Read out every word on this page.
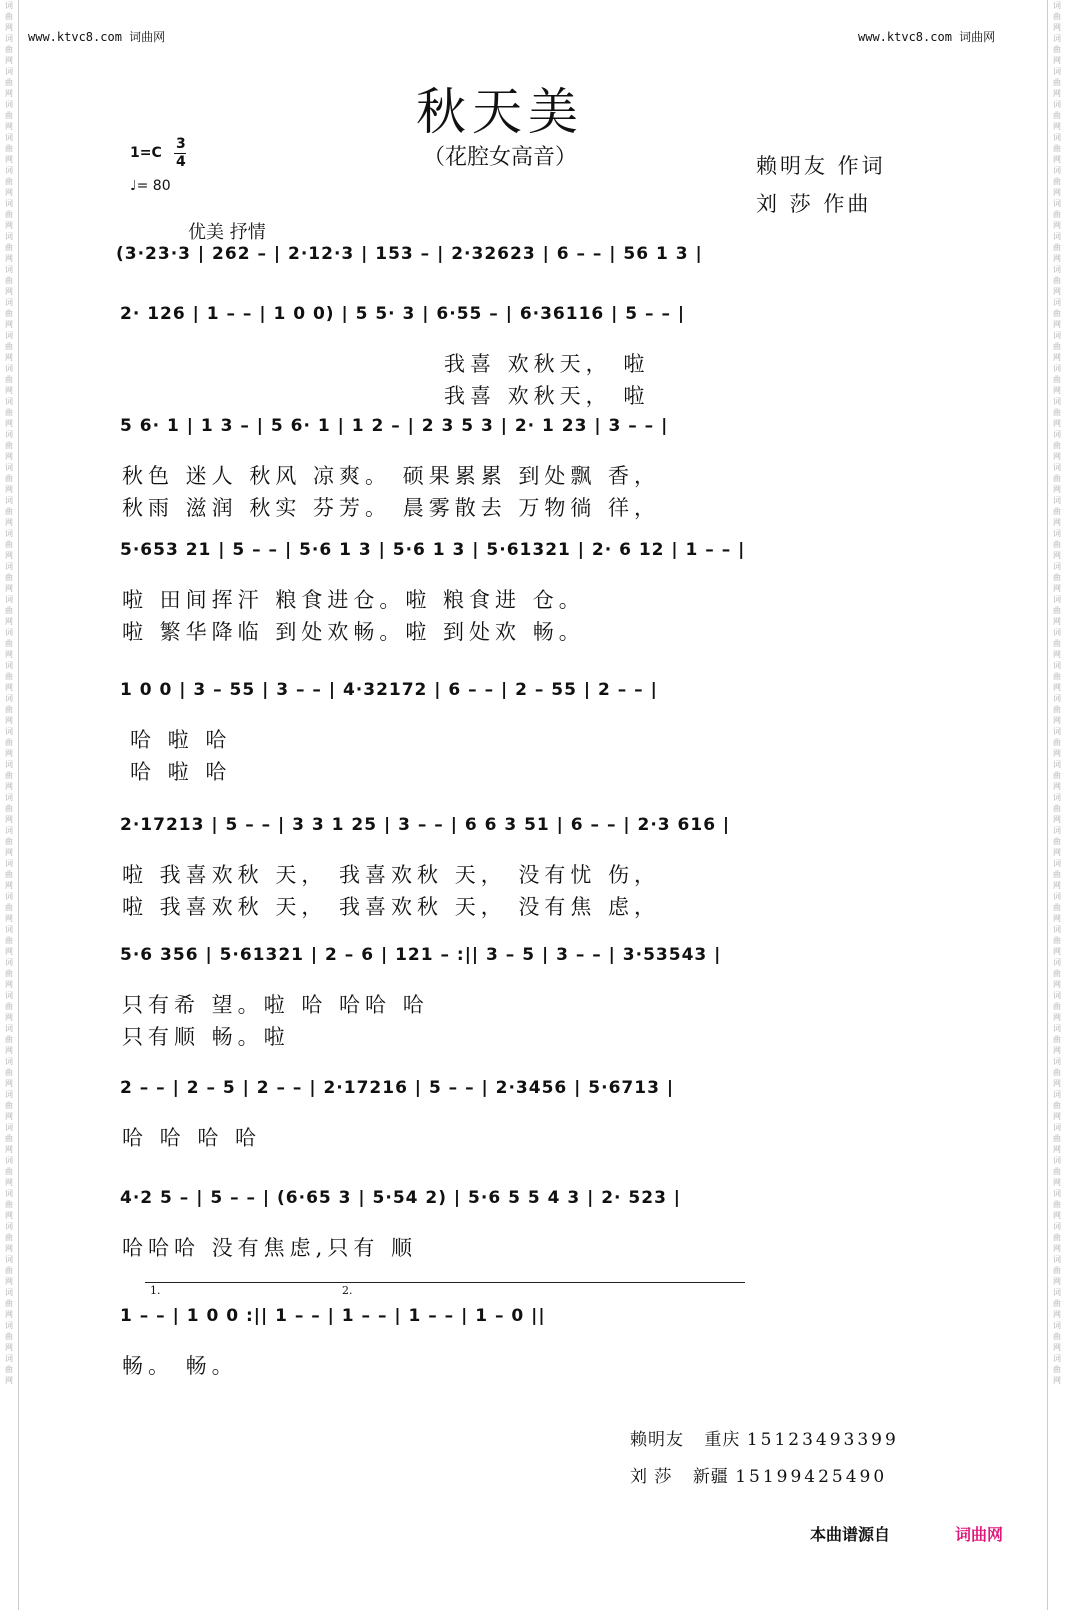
词曲网词曲网词曲网词曲网词曲网词曲网词曲网词曲网词曲网词曲网词曲网词曲网词曲网词曲网词曲网词曲网词曲网词曲网词曲网词曲网词曲网词曲网词曲网词曲网词曲网词曲网词曲网词曲网词曲网词曲网词曲网词曲网词曲网词曲网词曲网词曲网词曲网词曲网词曲网词曲网词曲网词曲网
词曲网词曲网词曲网词曲网词曲网词曲网词曲网词曲网词曲网词曲网词曲网词曲网词曲网词曲网词曲网词曲网词曲网词曲网词曲网词曲网词曲网词曲网词曲网词曲网词曲网词曲网词曲网词曲网词曲网词曲网词曲网词曲网词曲网词曲网词曲网词曲网词曲网词曲网词曲网词曲网词曲网词曲网
www.ktvc8.com 词曲网	www.ktvc8.com 词曲网
秋天美
（花腔女高音）	赖明友 作词
刘 莎 作曲
1=C
3
4
♩= 80
优美 抒情
(3·23·3 | 262 – | 2·12·3 | 153 – | 2·32623 | 6 – – | 56 1 3 |
2· 126 | 1 – – | 1 0 0) | 5 5· 3 | 6·55 – | 6·36116 | 5 – – |
我喜 欢秋天， 啦
我喜 欢秋天， 啦
5 6· 1 | 1 3 – | 5 6· 1 | 1 2 – | 2 3 5 3 | 2· 1 23 | 3 – – |
秋色 迷人 秋风 凉爽。 硕果累累 到处飘 香，
秋雨 滋润 秋实 芬芳。 晨雾散去 万物徜 徉，
5·653 21 | 5 – – | 5·6 1 3 | 5·6 1 3 | 5·61321 | 2· 6 12 | 1 – – |
啦 田间挥汗 粮食进仓。啦 粮食进 仓。
啦 繁华降临 到处欢畅。啦 到处欢 畅。
1 0 0 | 3 – 55 | 3 – – | 4·32172 | 6 – – | 2 – 55 | 2 – – |
哈 啦 哈
哈 啦 哈
2·17213 | 5 – – | 3 3 1 25 | 3 – – | 6 6 3 51 | 6 – – | 2·3 616 |
啦 我喜欢秋 天， 我喜欢秋 天， 没有忧 伤，
啦 我喜欢秋 天， 我喜欢秋 天， 没有焦 虑，
5·6 356 | 5·61321 | 2 – 6 | 121 – :|| 3 – 5 | 3 – – | 3·53543 |
只有希 望。啦 哈 哈哈 哈
只有顺 畅。啦
2 – – | 2 – 5 | 2 – – | 2·17216 | 5 – – | 2·3456 | 5·6713 |
哈 哈 哈 哈
4·2 5 – | 5 – – | (6·65 3 | 5·54 2) | 5·6 5 5 4 3 | 2· 523 |
哈哈哈 没有焦虑,只有 顺
1 – – | 1 0 0 :|| 1 – – | 1 – – | 1 – – | 1 – 0 ||
1.	2.
畅。 畅。
赖明友 重庆 15123493399
刘 莎 新疆 15199425490
本曲谱源自	词曲网
